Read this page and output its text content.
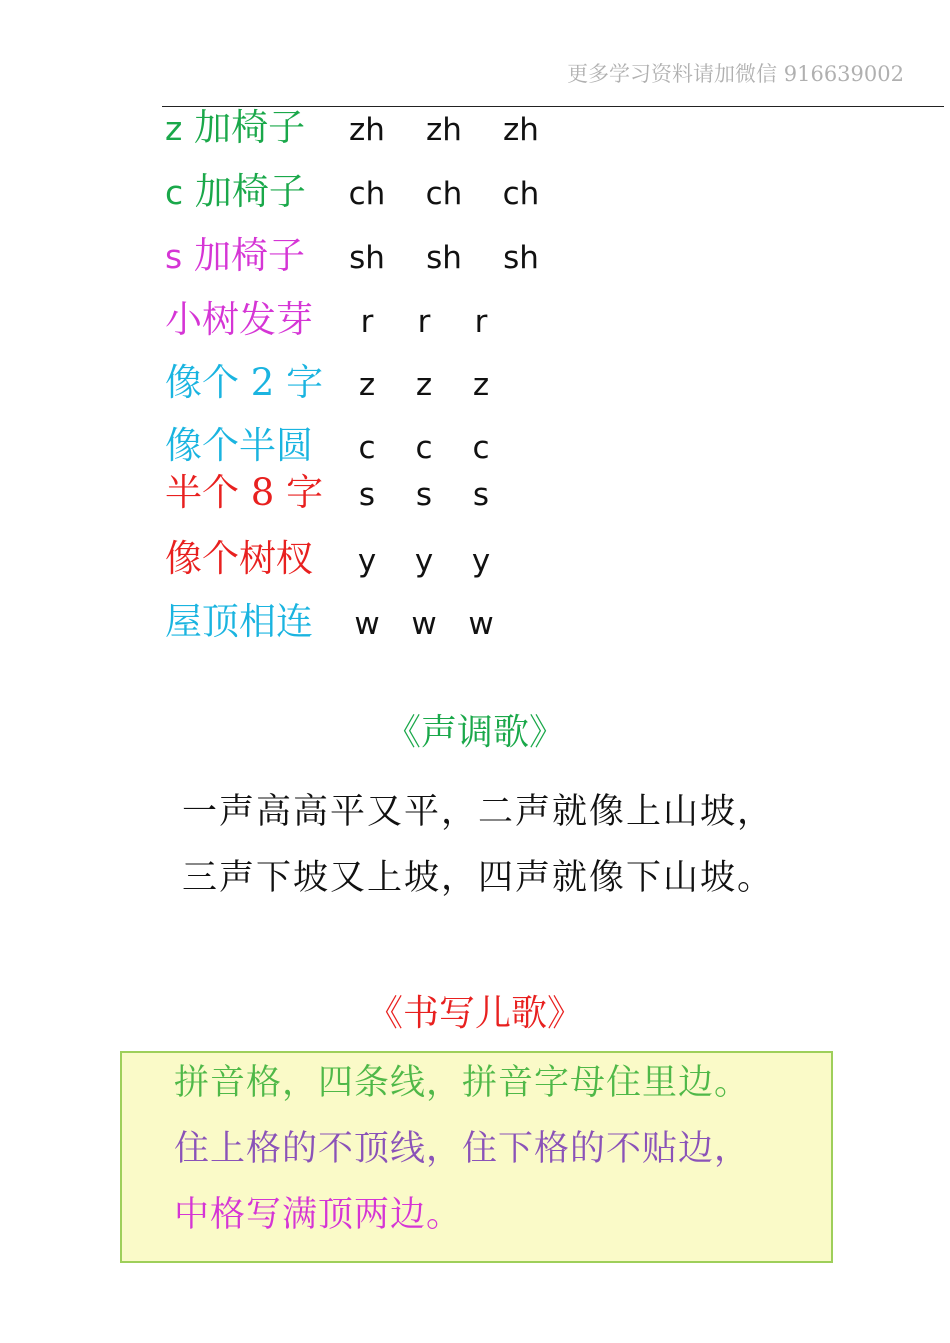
更多学习资料请加微信 916639002
z 加椅子	zh	zh	zh
c 加椅子	ch	ch	ch
s 加椅子	sh	sh	sh
小树发芽	r	r	r
像个 2 字	z	z	z
像个半圆	c	c	c
半个 8 字	s	s	s
像个树杈	y	y	y
屋顶相连	w	w	w
《声调歌》
一声高高平又平，二声就像上山坡，
三声下坡又上坡，四声就像下山坡。
《书写儿歌》
拼音格，四条线，拼音字母住里边。
住上格的不顶线，住下格的不贴边，
中格写满顶两边。
